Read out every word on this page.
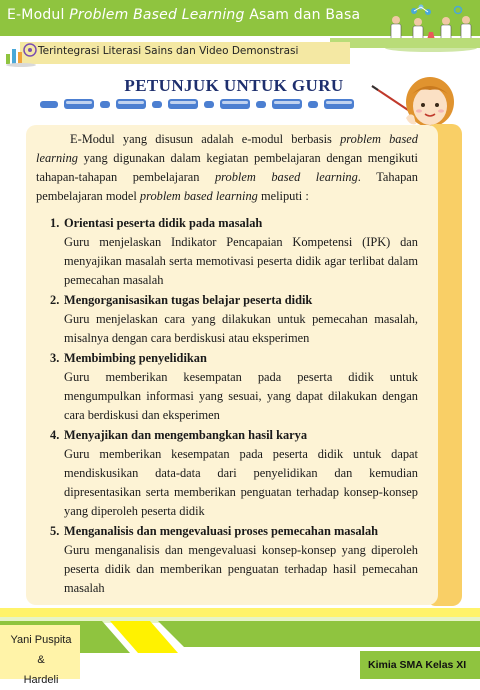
E-Modul Problem Based Learning Asam dan Basa
Terintegrasi Literasi Sains dan Video Demonstrasi
PETUNJUK UNTUK GURU
E-Modul yang disusun adalah e-modul berbasis problem based learning yang digunakan dalam kegiatan pembelajaran dengan mengikuti tahapan-tahapan pembelajaran problem based learning. Tahapan pembelajaran model problem based learning meliputi :
1. Orientasi peserta didik pada masalah
Guru menjelaskan Indikator Pencapaian Kompetensi (IPK) dan menyajikan masalah serta memotivasi peserta didik agar terlibat dalam pemecahan masalah
2. Mengorganisasikan tugas belajar peserta didik
Guru menjelaskan cara yang dilakukan untuk pemecahan masalah, misalnya dengan cara berdiskusi atau eksperimen
3. Membimbing penyelidikan
Guru memberikan kesempatan pada peserta didik untuk mengumpulkan informasi yang sesuai, yang dapat dilakukan dengan cara berdiskusi dan eksperimen
4. Menyajikan dan mengembangkan hasil karya
Guru memberikan kesempatan pada peserta didik untuk dapat mendiskusikan data-data dari penyelidikan dan kemudian dipresentasikan serta memberikan penguatan terhadap konsep-konsep yang diperoleh peserta didik
5. Menganalisis dan mengevaluasi proses pemecahan masalah
Guru menganalisis dan mengevaluasi konsep-konsep yang diperoleh peserta didik dan memberikan penguatan terhadap hasil pemecahan masalah
Yani Puspita &
Hardeli
Kimia SMA Kelas XI
